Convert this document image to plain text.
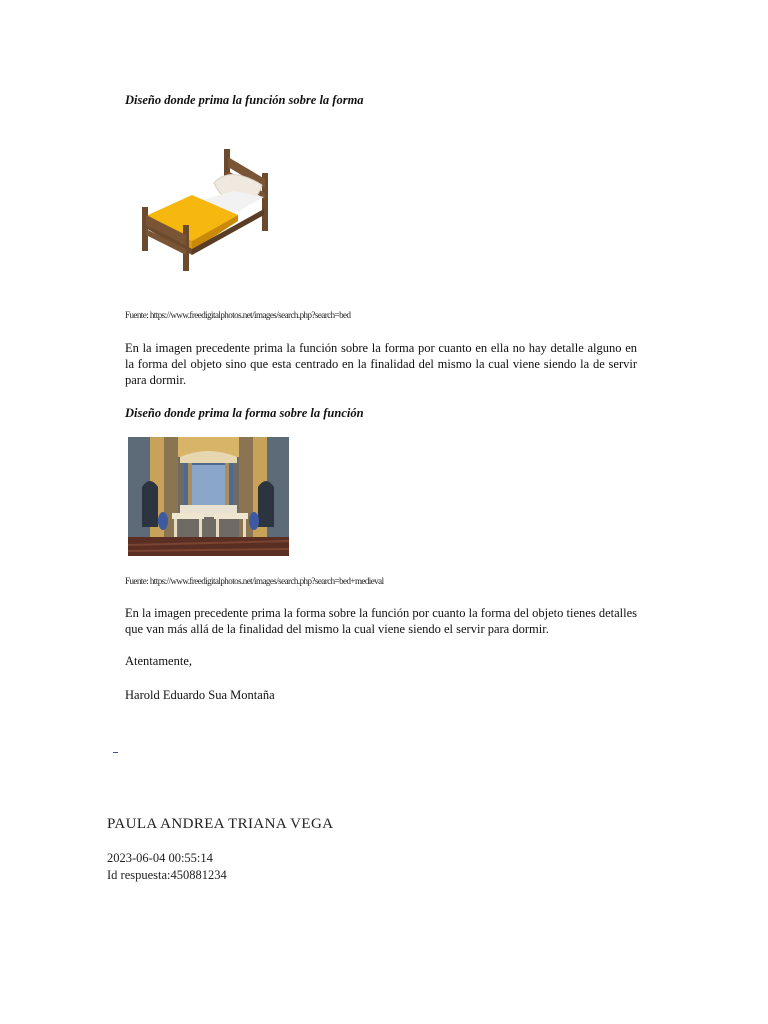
Diseño donde prima la función sobre la forma
Fuente: https://www.freedigitalphotos.net/images/search.php?search=bed
En la imagen precedente prima la función sobre la forma por cuanto en ella no hay detalle alguno en la forma del objeto sino que esta centrado en la finalidad del mismo la cual viene siendo la de servir para dormir.
Diseño donde prima la forma sobre la función
Fuente: https://www.freedigitalphotos.net/images/search.php?search=bed+medieval
En la imagen precedente prima la forma sobre la función por cuanto la forma del objeto tienes detalles que van más allá de la finalidad del mismo la cual viene siendo el servir para dormir.
Atentamente,
Harold Eduardo Sua Montaña
PAULA ANDREA TRIANA VEGA
2023-06-04 00:55:14
Id respuesta:450881234
